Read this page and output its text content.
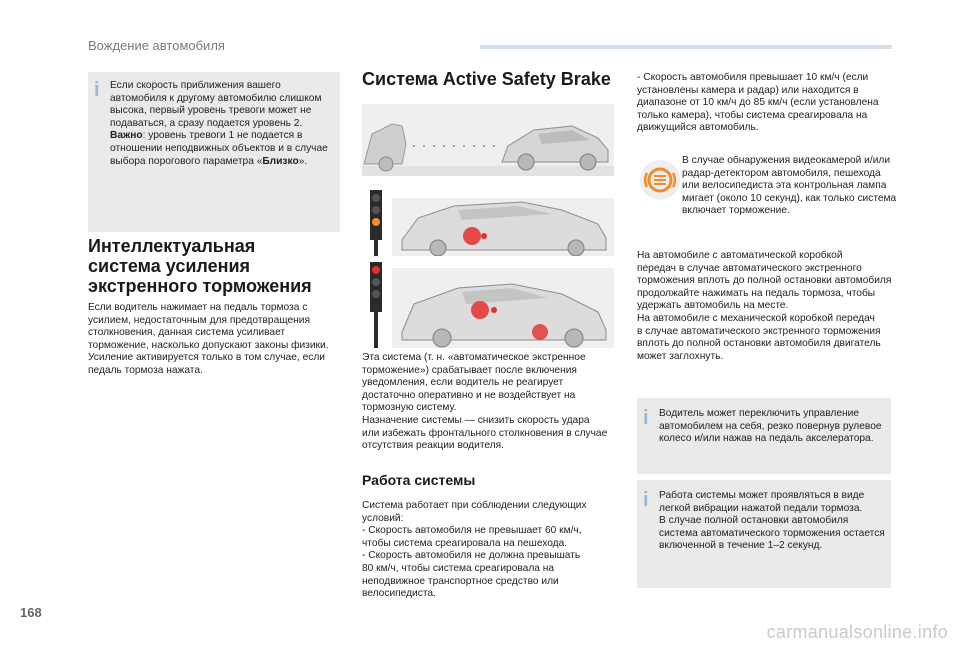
Вождение автомобиля
i Если скорость приближения вашего
автомобиля к другому автомобилю слишком
высока, первый уровень тревоги может не
подаваться, а сразу подается уровень 2.
Важно: уровень тревоги 1 не подается в
отношении неподвижных объектов и в случае
выбора порогового параметра «Близко».
Интеллектуальная
система усиления
экстренного торможения
Если водитель нажимает на педаль тормоза с
усилием, недостаточным для предотвращения
столкновения, данная система усиливает
торможение, насколько допускают законы физики.
Усиление активируется только в том случае, если
педаль тормоза нажата.
Система Active Safety Brake
Эта система (т. н. «автоматическое экстренное
торможение») срабатывает после включения
уведомления, если водитель не реагирует
достаточно оперативно и не воздействует на
тормозную систему.
Назначение системы — снизить скорость удара
или избежать фронтального столкновения в случае
отсутствия реакции водителя.
Работа системы
Система работает при соблюдении следующих
условий:
- Скорость автомобиля не превышает 60 км/ч,
чтобы система среагировала на пешехода.
- Скорость автомобиля не должна превышать
80 км/ч, чтобы система среагировала на
неподвижное транспортное средство или
велосипедиста.
- Скорость автомобиля превышает 10 км/ч (если
установлены камера и радар) или находится в
диапазоне от 10 км/ч до 85 км/ч (если установлена
только камера), чтобы система среагировала на
движущийся автомобиль.
В случае обнаружения видеокамерой и/или
радар-детектором автомобиля, пешехода
или велосипедиста эта контрольная лампа
мигает (около 10 секунд), как только система
включает торможение.
На автомобиле с автоматической коробкой
передач в случае автоматического экстренного
торможения вплоть до полной остановки автомобиля
продолжайте нажимать на педаль тормоза, чтобы
удержать автомобиль на месте.
На автомобиле с механической коробкой передач
в случае автоматического экстренного торможения
вплоть до полной остановки автомобиля двигатель
может заглохнуть.
i Водитель может переключить управление
автомобилем на себя, резко повернув рулевое
колесо и/или нажав на педаль акселератора.
i Работа системы может проявляться в виде
легкой вибрации нажатой педали тормоза.
В случае полной остановки автомобиля
система автоматического торможения остается
включенной в течение 1–2 секунд.
168
carmanualsonline.info
